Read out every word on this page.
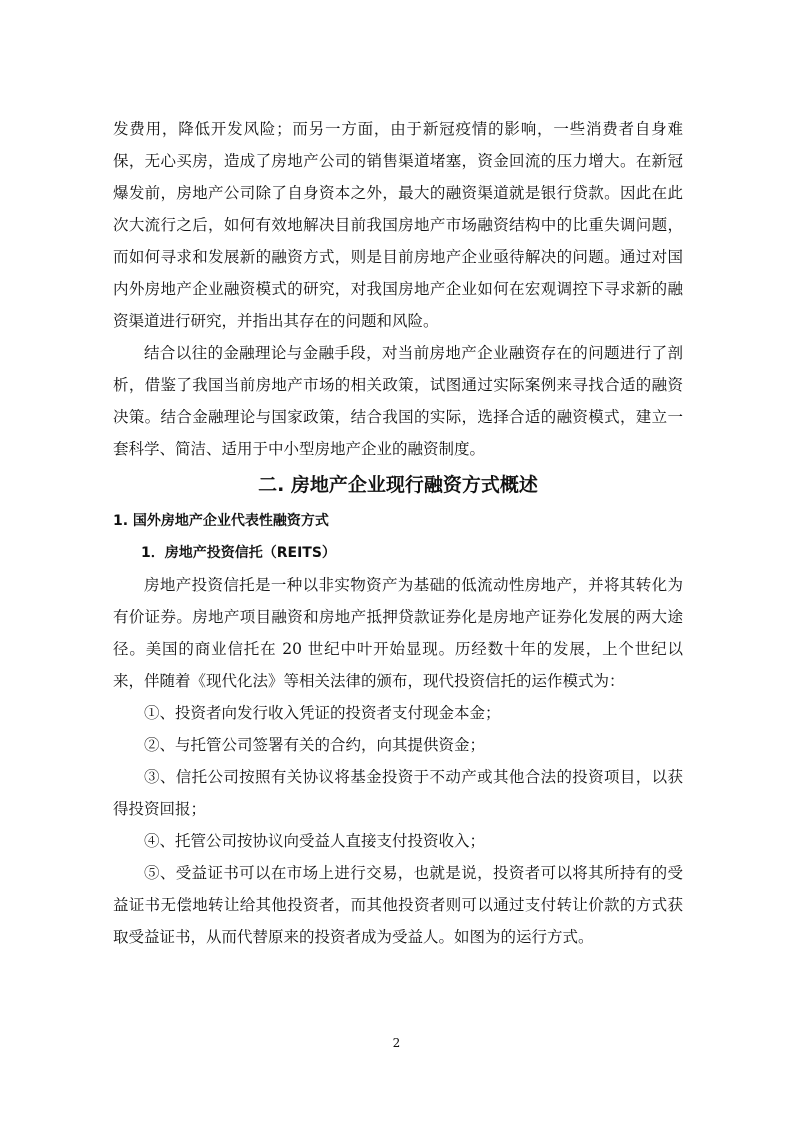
发费用，降低开发风险；而另一方面，由于新冠疫情的影响，一些消费者自身难保，无心买房，造成了房地产公司的销售渠道堵塞，资金回流的压力增大。在新冠爆发前，房地产公司除了自身资本之外，最大的融资渠道就是银行贷款。因此在此次大流行之后，如何有效地解决目前我国房地产市场融资结构中的比重失调问题，而如何寻求和发展新的融资方式，则是目前房地产企业亟待解决的问题。通过对国内外房地产企业融资模式的研究，对我国房地产企业如何在宏观调控下寻求新的融资渠道进行研究，并指出其存在的问题和风险。

结合以往的金融理论与金融手段，对当前房地产企业融资存在的问题进行了剖析，借鉴了我国当前房地产市场的相关政策，试图通过实际案例来寻找合适的融资决策。结合金融理论与国家政策，结合我国的实际，选择合适的融资模式，建立一套科学、简洁、适用于中小型房地产企业的融资制度。

二. 房地产企业现行融资方式概述
1. 国外房地产企业代表性融资方式
1．房地产投资信托（REITS）

房地产投资信托是一种以非实物资产为基础的低流动性房地产，并将其转化为有价证券。房地产项目融资和房地产抵押贷款证券化是房地产证券化发展的两大途径。美国的商业信托在 20 世纪中叶开始显现。历经数十年的发展，上个世纪以来，伴随着《现代化法》等相关法律的颁布，现代投资信托的运作模式为：

①、投资者向发行收入凭证的投资者支付现金本金；

②、与托管公司签署有关的合约，向其提供资金；

③、信托公司按照有关协议将基金投资于不动产或其他合法的投资项目，以获得投资回报；

④、托管公司按协议向受益人直接支付投资收入；

⑤、受益证书可以在市场上进行交易，也就是说，投资者可以将其所持有的受益证书无偿地转让给其他投资者，而其他投资者则可以通过支付转让价款的方式获取受益证书，从而代替原来的投资者成为受益人。如图为的运行方式。

2
